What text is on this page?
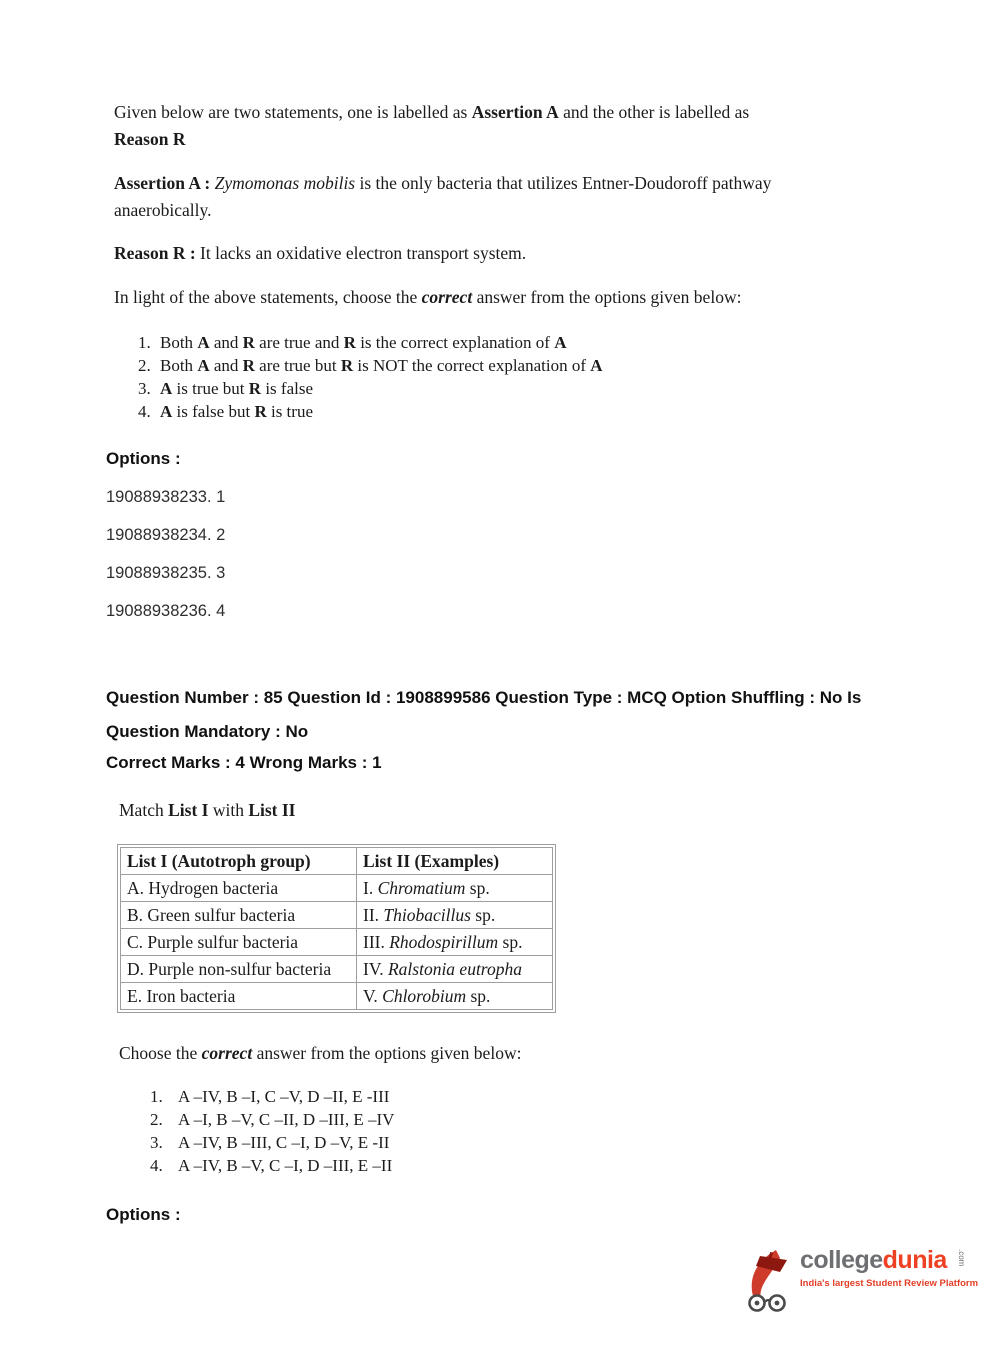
Given below are two statements, one is labelled as Assertion A and the other is labelled as
Reason R
Assertion A : Zymomonas mobilis is the only bacteria that utilizes Entner-Doudoroff pathway
anaerobically.
Reason R : It lacks an oxidative electron transport system.
In light of the above statements, choose the correct answer from the options given below:
1. Both A and R are true and R is the correct explanation of A
2. Both A and R are true but R is NOT the correct explanation of A
3. A is true but R is false
4. A is false but R is true
Options :
19088938233. 1
19088938234. 2
19088938235. 3
19088938236. 4
Question Number : 85 Question Id : 1908899586 Question Type : MCQ Option Shuffling : No Is
Question Mandatory : No
Correct Marks : 4 Wrong Marks : 1
Match List I with List II
List I (Autotroph group)	List II (Examples)
A. Hydrogen bacteria	I. Chromatium sp.
B. Green sulfur bacteria	II. Thiobacillus sp.
C. Purple sulfur bacteria	III. Rhodospirillum sp.
D. Purple non-sulfur bacteria	IV. Ralstonia eutropha
E. Iron bacteria	V. Chlorobium sp.
Choose the correct answer from the options given below:
1. A –IV, B –I, C –V, D –II, E -III
2. A –I, B –V, C –II, D –III, E –IV
3. A –IV, B –III, C –I, D –V, E -II
4. A –IV, B –V, C –I, D –III, E –II
Options :
college dunia	.com
India's largest Student Review Platform
